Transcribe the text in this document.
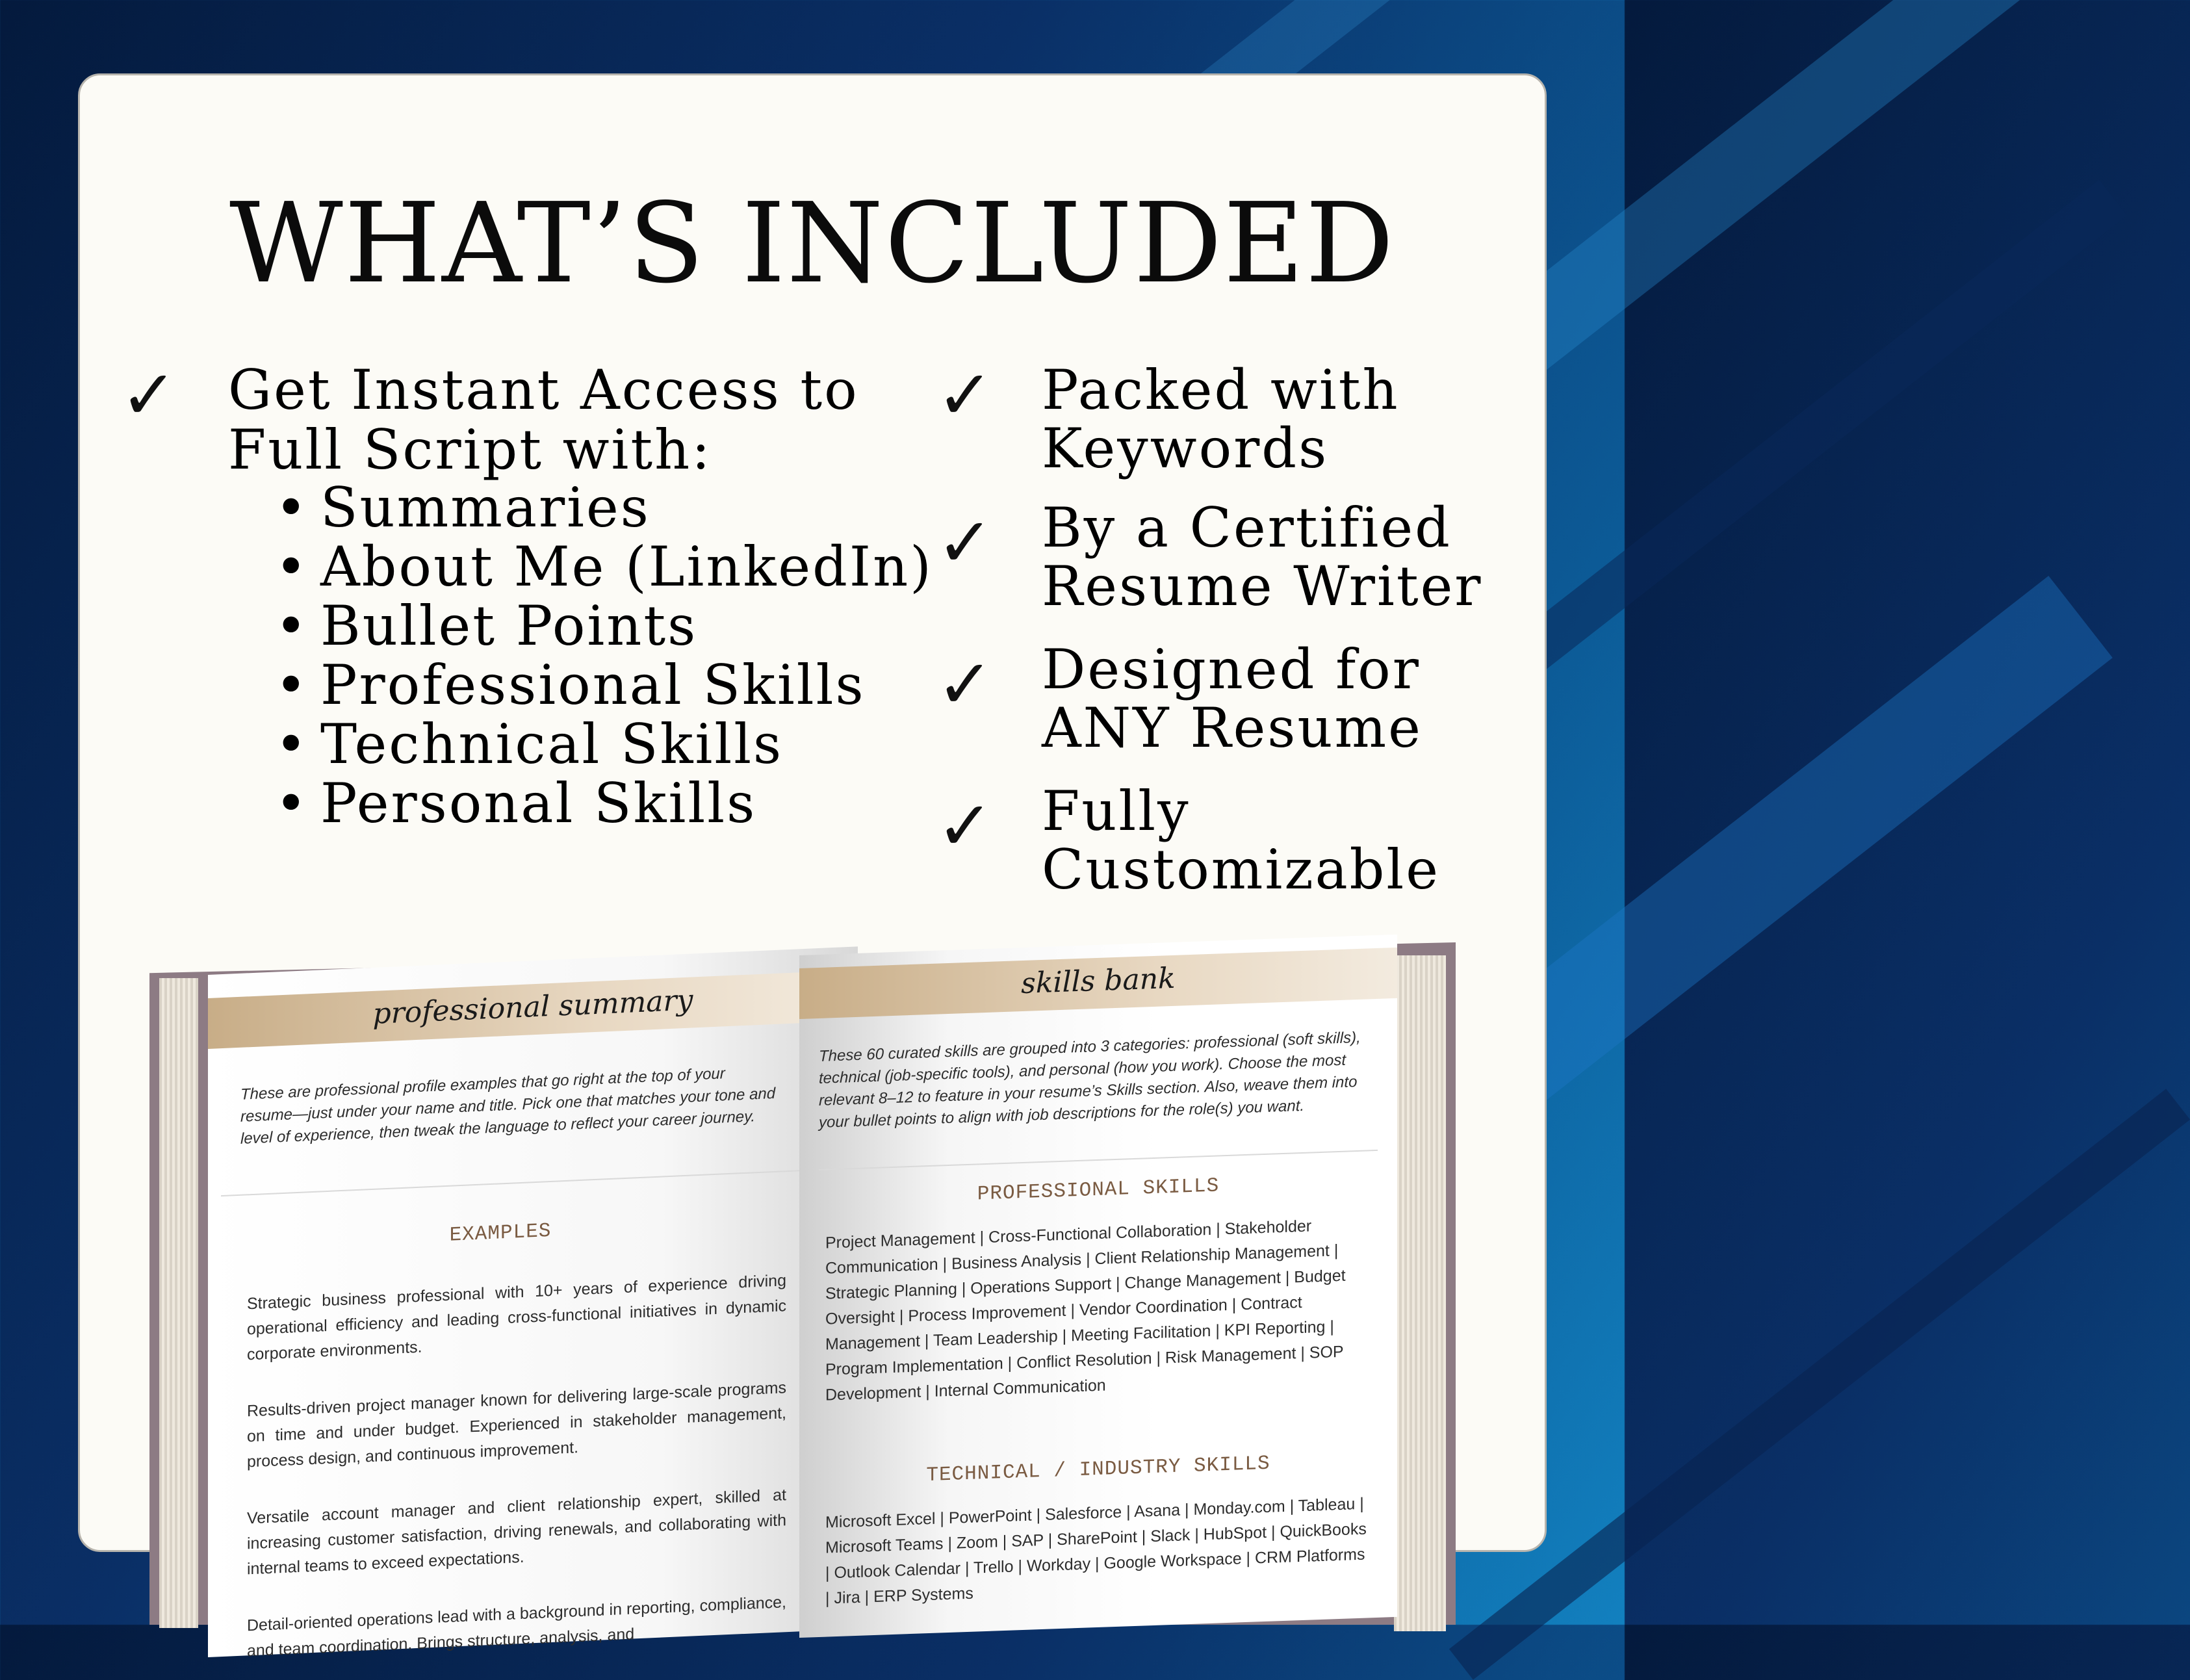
WHAT’S INCLUDED
✓ Get Instant Access to
Full Script with:
• Summaries
• About Me (LinkedIn)
• Bullet Points
• Professional Skills
• Technical Skills
• Personal Skills
✓ Packed with
Keywords
✓ By a Certified
Resume Writer
✓ Designed for
ANY Resume
✓ Fully
Customizable
professional summary
These are professional profile examples that go right at the top of your resume—just under your name and title. Pick one that matches your tone and level of experience, then tweak the language to reflect your career journey.
EXAMPLES
Strategic business professional with 10+ years of experience driving operational efficiency and leading cross-functional initiatives in dynamic corporate environments.
Results-driven project manager known for delivering large-scale programs on time and under budget. Experienced in stakeholder management, process design, and continuous improvement.
Versatile account manager and client relationship expert, skilled at increasing customer satisfaction, driving renewals, and collaborating with internal teams to exceed expectations.
Detail-oriented operations lead with a background in reporting, compliance, and team coordination. Brings structure, analysis, and
skills bank
These 60 curated skills are grouped into 3 categories: professional (soft skills), technical (job-specific tools), and personal (how you work). Choose the most relevant 8–12 to feature in your resume’s Skills section. Also, weave them into your bullet points to align with job descriptions for the role(s) you want.
PROFESSIONAL SKILLS
Project Management | Cross-Functional Collaboration | Stakeholder Communication | Business Analysis | Client Relationship Management | Strategic Planning | Operations Support | Change Management | Budget Oversight | Process Improvement | Vendor Coordination | Contract Management | Team Leadership | Meeting Facilitation | KPI Reporting | Program Implementation | Conflict Resolution | Risk Management | SOP Development | Internal Communication
TECHNICAL / INDUSTRY SKILLS
Microsoft Excel | PowerPoint | Salesforce | Asana | Monday.com | Tableau | Microsoft Teams | Zoom | SAP | SharePoint | Slack | HubSpot | QuickBooks | Outlook Calendar | Trello | Workday | Google Workspace | CRM Platforms | Jira | ERP Systems
